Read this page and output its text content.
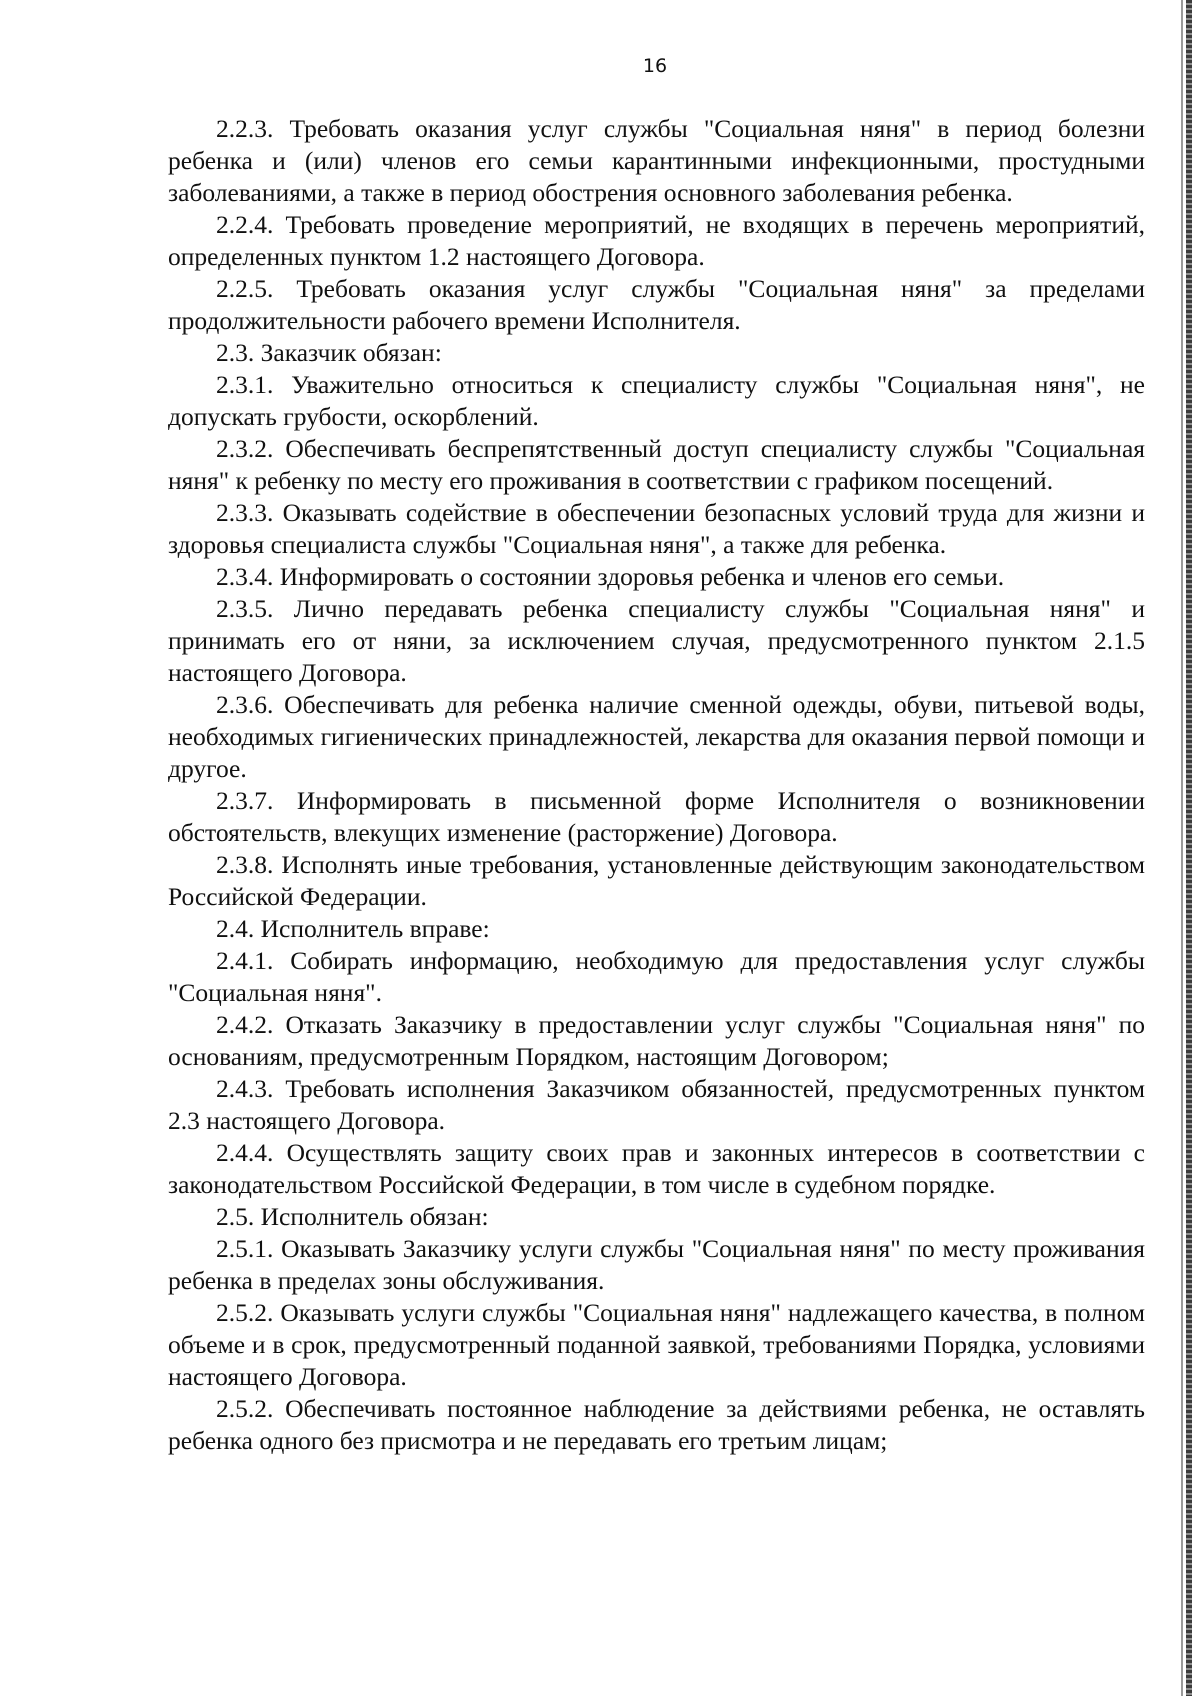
16

2.2.3. Требовать оказания услуг службы "Социальная няня" в период болезни ребенка и (или) членов его семьи карантинными инфекционными, простудными заболеваниями, а также в период обострения основного заболевания ребенка.

2.2.4. Требовать проведение мероприятий, не входящих в перечень мероприятий, определенных пунктом 1.2 настоящего Договора.

2.2.5. Требовать оказания услуг службы "Социальная няня" за пределами продолжительности рабочего времени Исполнителя.

2.3. Заказчик обязан:

2.3.1. Уважительно относиться к специалисту службы "Социальная няня", не допускать грубости, оскорблений.

2.3.2. Обеспечивать беспрепятственный доступ специалисту службы "Социальная няня" к ребенку по месту его проживания в соответствии с графиком посещений.

2.3.3. Оказывать содействие в обеспечении безопасных условий труда для жизни и здоровья специалиста службы "Социальная няня", а также для ребенка.

2.3.4. Информировать о состоянии здоровья ребенка и членов его семьи.

2.3.5. Лично передавать ребенка специалисту службы "Социальная няня" и принимать его от няни, за исключением случая, предусмотренного пунктом 2.1.5 настоящего Договора.

2.3.6. Обеспечивать для ребенка наличие сменной одежды, обуви, питьевой воды, необходимых гигиенических принадлежностей, лекарства для оказания первой помощи и другое.

2.3.7. Информировать в письменной форме Исполнителя о возникновении обстоятельств, влекущих изменение (расторжение) Договора.

2.3.8. Исполнять иные требования, установленные действующим законодательством Российской Федерации.

2.4. Исполнитель вправе:

2.4.1. Собирать информацию, необходимую для предоставления услуг службы "Социальная няня".

2.4.2. Отказать Заказчику в предоставлении услуг службы "Социальная няня" по основаниям, предусмотренным Порядком, настоящим Договором;

2.4.3. Требовать исполнения Заказчиком обязанностей, предусмотренных пунктом 2.3 настоящего Договора.

2.4.4. Осуществлять защиту своих прав и законных интересов в соответствии с законодательством Российской Федерации, в том числе в судебном порядке.

2.5. Исполнитель обязан:

2.5.1. Оказывать Заказчику услуги службы "Социальная няня" по месту проживания ребенка в пределах зоны обслуживания.

2.5.2. Оказывать услуги службы "Социальная няня" надлежащего качества, в полном объеме и в срок, предусмотренный поданной заявкой, требованиями Порядка, условиями настоящего Договора.

2.5.2. Обеспечивать постоянное наблюдение за действиями ребенка, не оставлять ребенка одного без присмотра и не передавать его третьим лицам;
